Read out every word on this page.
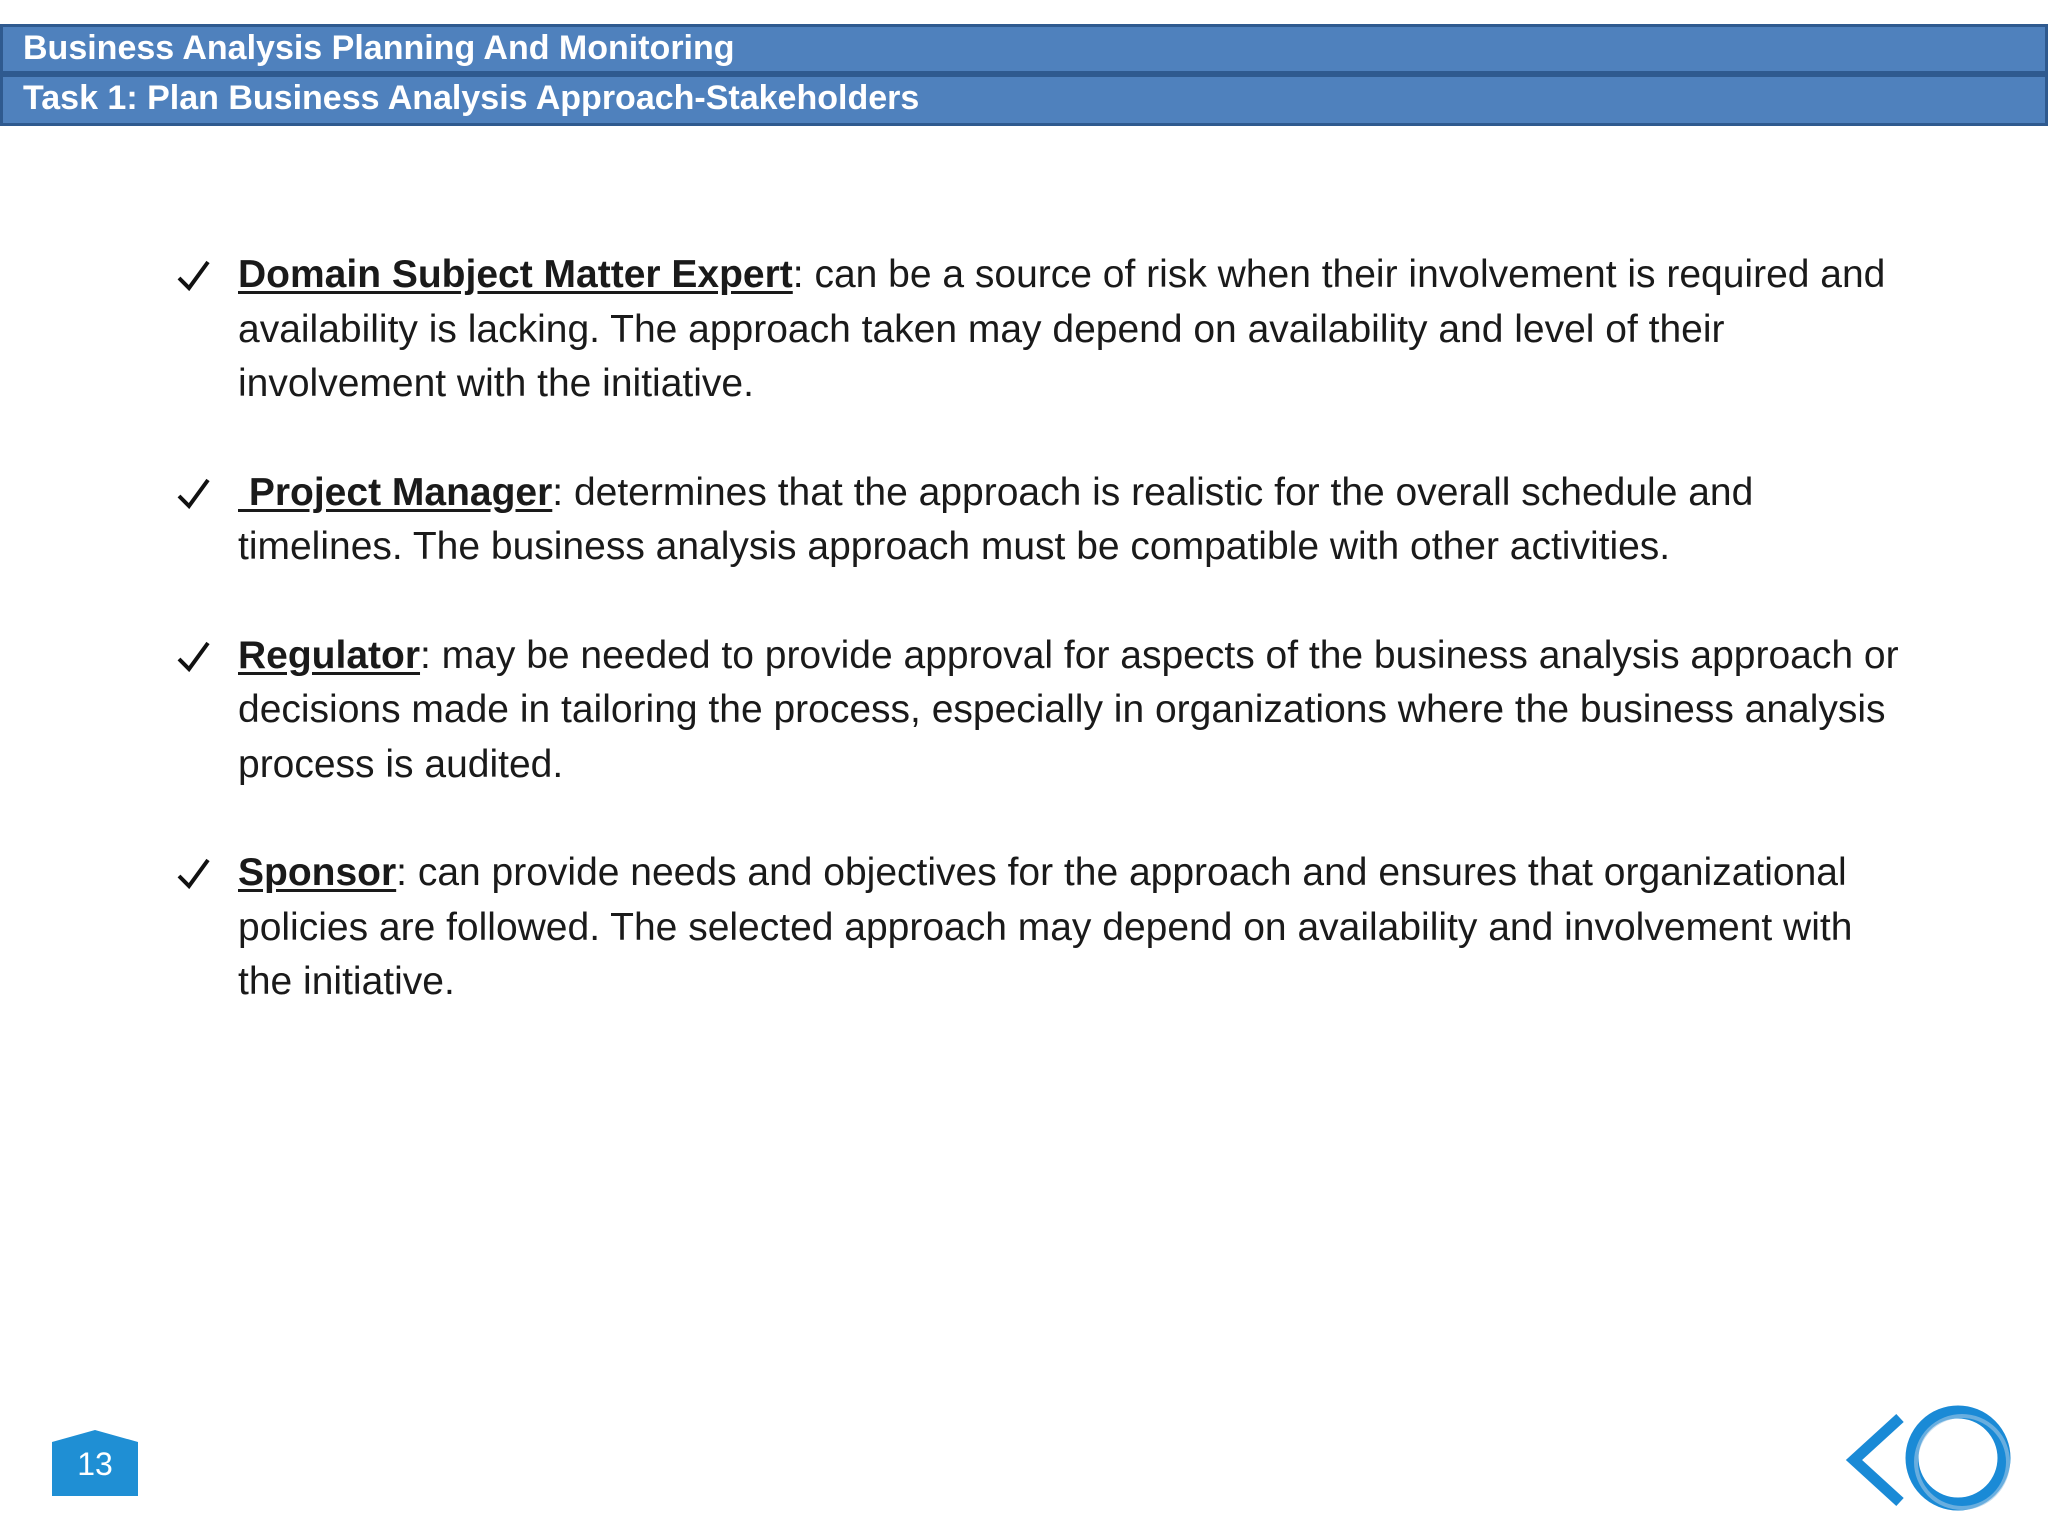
Business Analysis Planning And Monitoring
Task 1: Plan Business Analysis Approach-Stakeholders
Domain Subject Matter Expert: can be a source of risk when their involvement is required and availability is lacking. The approach taken may depend on availability and level of their involvement with the initiative.
Project Manager: determines that the approach is realistic for the overall schedule and timelines. The business analysis approach must be compatible with other activities.
Regulator: may be needed to provide approval for aspects of the business analysis approach or decisions made in tailoring the process, especially in organizations where the business analysis process is audited.
Sponsor: can provide needs and objectives for the approach and ensures that organizational policies are followed. The selected approach may depend on availability and involvement with the initiative.
13
